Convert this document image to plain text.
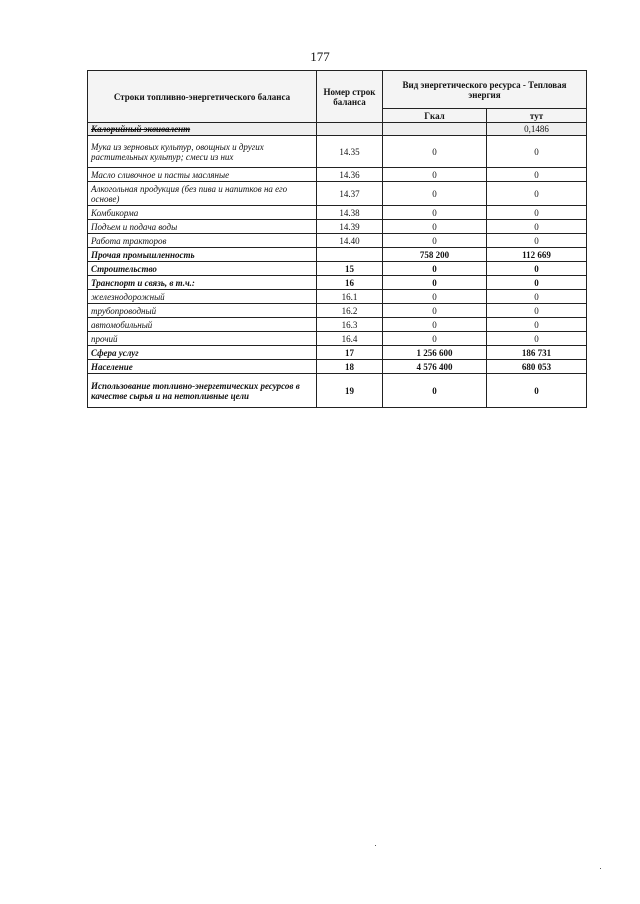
177
Строки топливно-энергетического баланса	Номер строк баланса	Вид энергетического ресурса - Тепловая энергия	
		Гкал	тут
Калорийный эквивалент			0,1486
Мука из зерновых культур, овощных и других растительных культур; смеси из них	14.35	0	0
Масло сливочное и пасты масляные	14.36	0	0
Алкогольная продукция (без пива и напитков на его основе)	14.37	0	0
Комбикорма	14.38	0	0
Подъем и подача воды	14.39	0	0
Работа тракторов	14.40	0	0
Прочая промышленность		758 200	112 669
Строительство	15	0	0
Транспорт и связь, в т.ч.:	16	0	0
железнодорожный	16.1	0	0
трубопроводный	16.2	0	0
автомобильный	16.3	0	0
прочий	16.4	0	0
Сфера услуг	17	1 256 600	186 731
Население	18	4 576 400	680 053
Использование топливно-энергетических ресурсов в качестве сырья и на нетопливные цели	19	0	0
